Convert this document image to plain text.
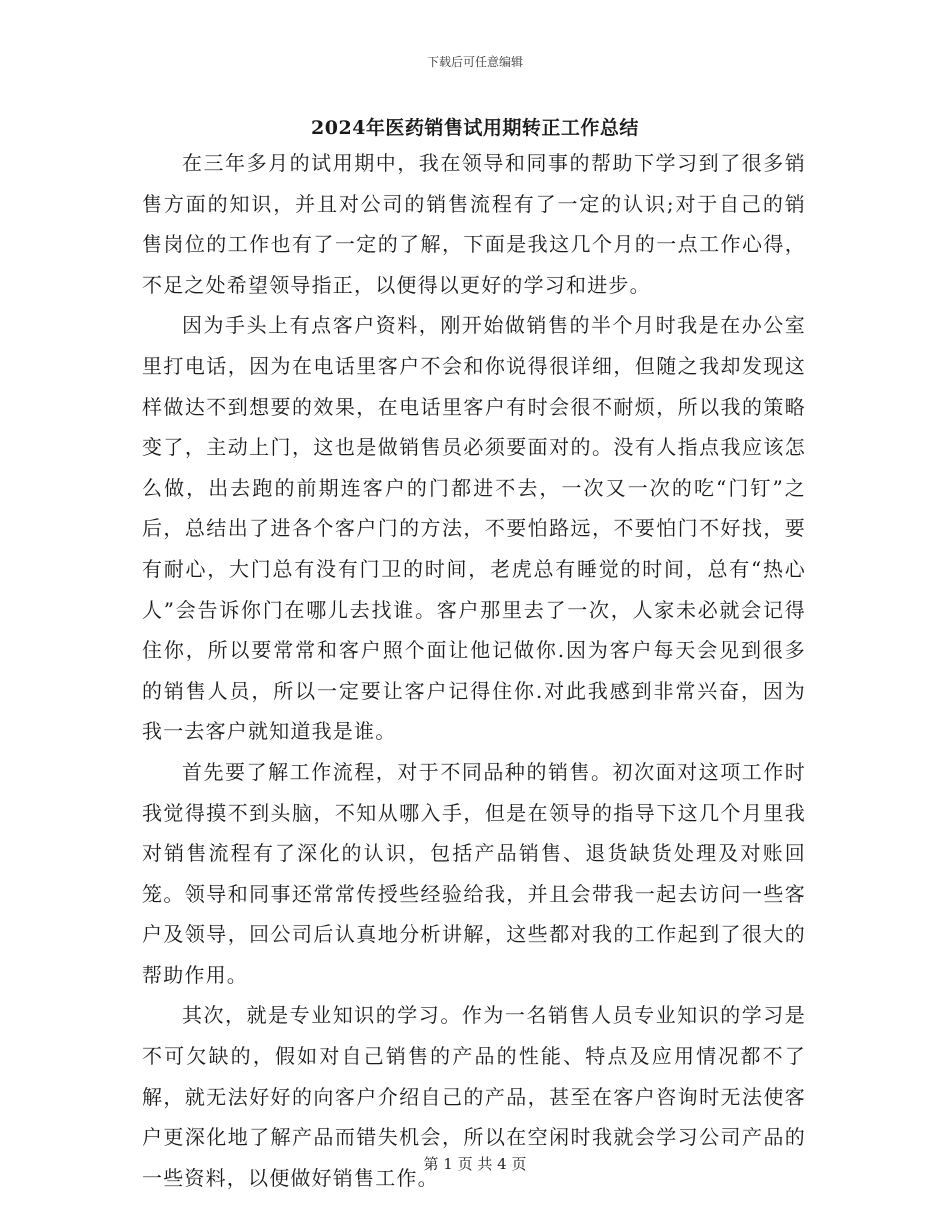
下载后可任意编辑
2024年医药销售试用期转正工作总结

在三年多月的试用期中，我在领导和同事的帮助下学习到了很多销售方面的知识，并且对公司的销售流程有了一定的认识;对于自己的销售岗位的工作也有了一定的了解，下面是我这几个月的一点工作心得，不足之处希望领导指正，以便得以更好的学习和进步。

因为手头上有点客户资料，刚开始做销售的半个月时我是在办公室里打电话，因为在电话里客户不会和你说得很详细，但随之我却发现这样做达不到想要的效果，在电话里客户有时会很不耐烦，所以我的策略变了，主动上门，这也是做销售员必须要面对的。没有人指点我应该怎么做，出去跑的前期连客户的门都进不去，一次又一次的吃“门钉”之后，总结出了进各个客户门的方法，不要怕路远，不要怕门不好找，要有耐心，大门总有没有门卫的时间，老虎总有睡觉的时间，总有“热心人”会告诉你门在哪儿去找谁。客户那里去了一次，人家未必就会记得住你，所以要常常和客户照个面让他记做你.因为客户每天会见到很多的销售人员，所以一定要让客户记得住你.对此我感到非常兴奋，因为我一去客户就知道我是谁。

首先要了解工作流程，对于不同品种的销售。初次面对这项工作时我觉得摸不到头脑，不知从哪入手，但是在领导的指导下这几个月里我对销售流程有了深化的认识，包括产品销售、退货缺货处理及对账回笼。领导和同事还常常传授些经验给我，并且会带我一起去访问一些客户及领导，回公司后认真地分析讲解，这些都对我的工作起到了很大的帮助作用。

其次，就是专业知识的学习。作为一名销售人员专业知识的学习是不可欠缺的，假如对自己销售的产品的性能、特点及应用情况都不了解，就无法好好的向客户介绍自己的产品，甚至在客户咨询时无法使客户更深化地了解产品而错失机会，所以在空闲时我就会学习公司产品的一些资料，以便做好销售工作。

第 1 页 共 4 页
